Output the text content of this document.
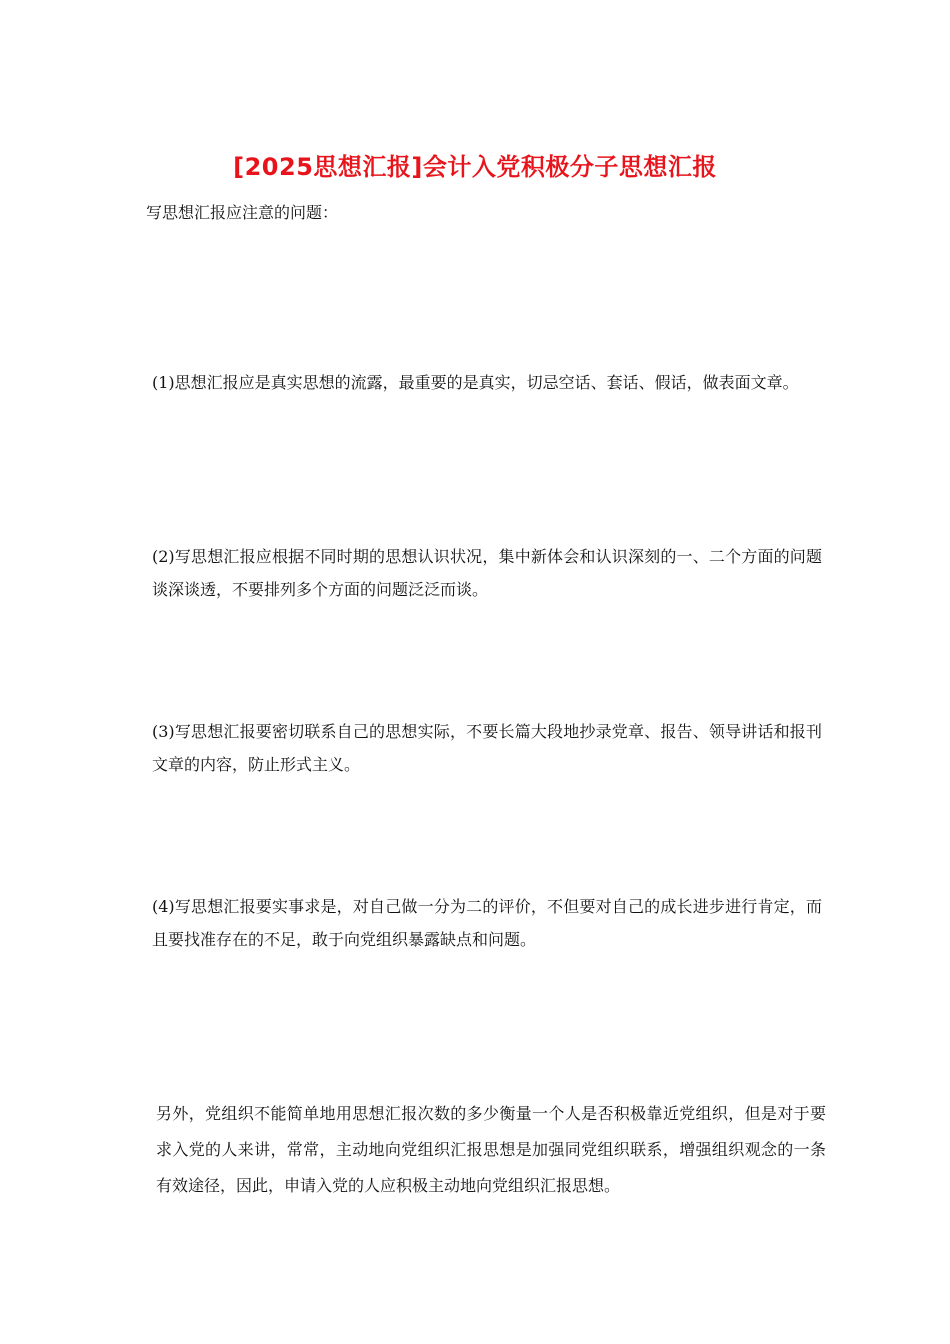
[2025思想汇报]会计入党积极分子思想汇报

写思想汇报应注意的问题：

(1)思想汇报应是真实思想的流露，最重要的是真实，切忌空话、套话、假话，做表面文章。

(2)写思想汇报应根据不同时期的思想认识状况，集中新体会和认识深刻的一、二个方面的问题谈深谈透，不要排列多个方面的问题泛泛而谈。

(3)写思想汇报要密切联系自己的思想实际，不要长篇大段地抄录党章、报告、领导讲话和报刊文章的内容，防止形式主义。

(4)写思想汇报要实事求是，对自己做一分为二的评价，不但要对自己的成长进步进行肯定，而且要找准存在的不足，敢于向党组织暴露缺点和问题。

另外，党组织不能简单地用思想汇报次数的多少衡量一个人是否积极靠近党组织，但是对于要求入党的人来讲，常常，主动地向党组织汇报思想是加强同党组织联系，增强组织观念的一条有效途径，因此，申请入党的人应积极主动地向党组织汇报思想。
